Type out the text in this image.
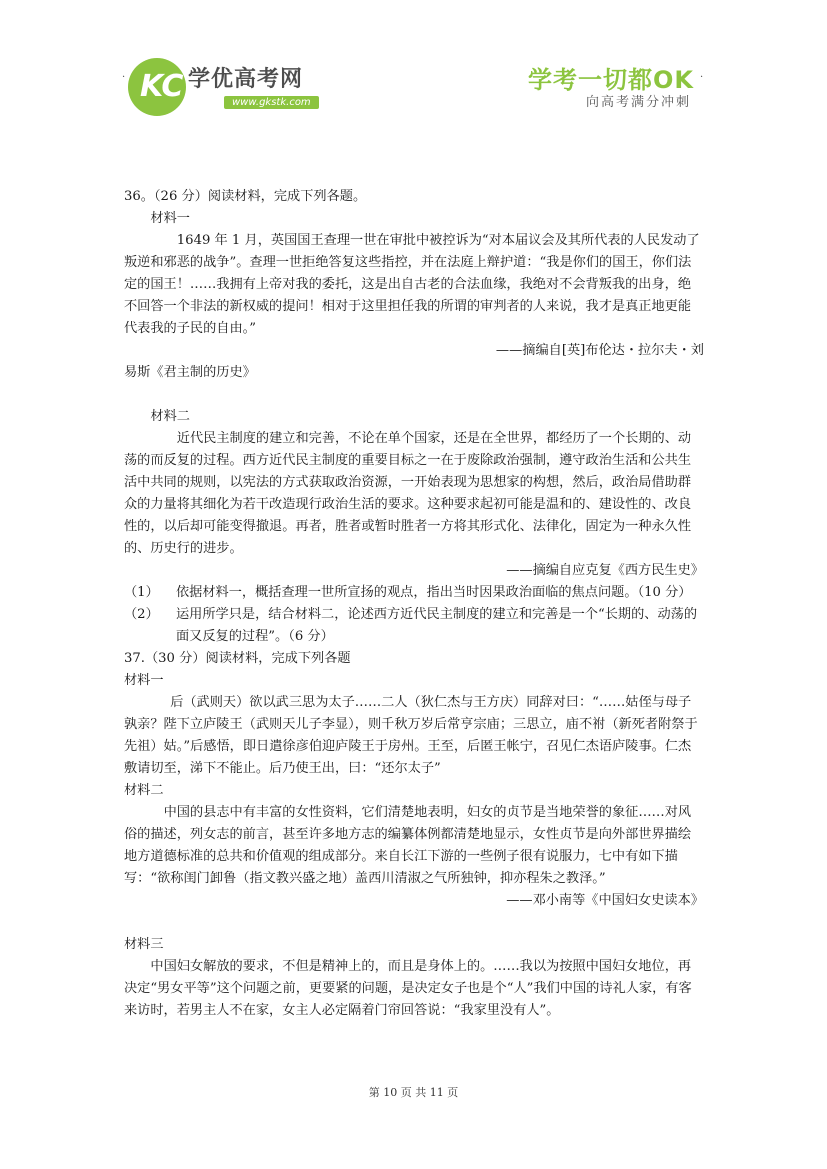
· KC 学优高考网
www.gkstk.com
学考一切都OK
向高考满分冲刺
·

36。（26 分）阅读材料，完成下列各题。

材料一

1649 年 1 月，英国国王查理一世在审批中被控诉为“对本届议会及其所代表的人民发动了叛逆和邪恶的战争”。查理一世拒绝答复这些指控，并在法庭上辩护道：“我是你们的国王，你们法定的国王！……我拥有上帝对我的委托，这是出自古老的合法血缘，我绝对不会背叛我的出身，绝不回答一个非法的新权威的提问！相对于这里担任我的所谓的审判者的人来说，我才是真正地更能代表我的子民的自由。”

——摘编自[英]布伦达・拉尔夫・刘

易斯《君主制的历史》

材料二

近代民主制度的建立和完善，不论在单个国家，还是在全世界，都经历了一个长期的、动荡的而反复的过程。西方近代民主制度的重要目标之一在于废除政治强制，遵守政治生活和公共生活中共同的规则，以宪法的方式获取政治资源，一开始表现为思想家的构想，然后，政治局借助群众的力量将其细化为若干改造现行政治生活的要求。这种要求起初可能是温和的、建设性的、改良性的，以后却可能变得撤退。再者，胜者或暂时胜者一方将其形式化、法律化，固定为一种永久性的、历史行的进步。

——摘编自应克复《西方民生史》

（1）	依据材料一，概括查理一世所宣扬的观点，指出当时因果政治面临的焦点问题。（10 分）
（2）	运用所学只是，结合材料二，论述西方近代民主制度的建立和完善是一个“长期的、动荡的面又反复的过程”。（6 分）

37.（30 分）阅读材料，完成下列各题

材料一

后（武则天）欲以武三思为太子……二人（狄仁杰与王方庆）同辞对曰：“……姑侄与母子孰亲？陛下立庐陵王（武则天儿子李显），则千秋万岁后常亨宗庙；三思立，庙不祔（新死者附祭于先祖）姑。”后感悟，即日遣徐彦伯迎庐陵王于房州。王至，后匿王帐宁，召见仁杰语庐陵事。仁杰敷请切至，涕下不能止。后乃使王出，曰：“还尔太子”

材料二

中国的县志中有丰富的女性资料，它们清楚地表明，妇女的贞节是当地荣誉的象征……对风俗的描述，列女志的前言，甚至许多地方志的编纂体例都清楚地显示，女性贞节是向外部世界描绘地方道德标准的总共和价值观的组成部分。来自长江下游的一些例子很有说服力，七中有如下描写：“欲称闺门卸鲁（指文教兴盛之地）盖西川清淑之气所独钟，抑亦程朱之教泽。”

——邓小南等《中国妇女史读本》

材料三

中国妇女解放的要求，不但是精神上的，而且是身体上的。……我以为按照中国妇女地位，再决定“男女平等”这个问题之前，更要紧的问题，是决定女子也是个“人”我们中国的诗礼人家，有客来访时，若男主人不在家，女主人必定隔着门帘回答说：“我家里没有人”。

第 10 页 共 11 页
